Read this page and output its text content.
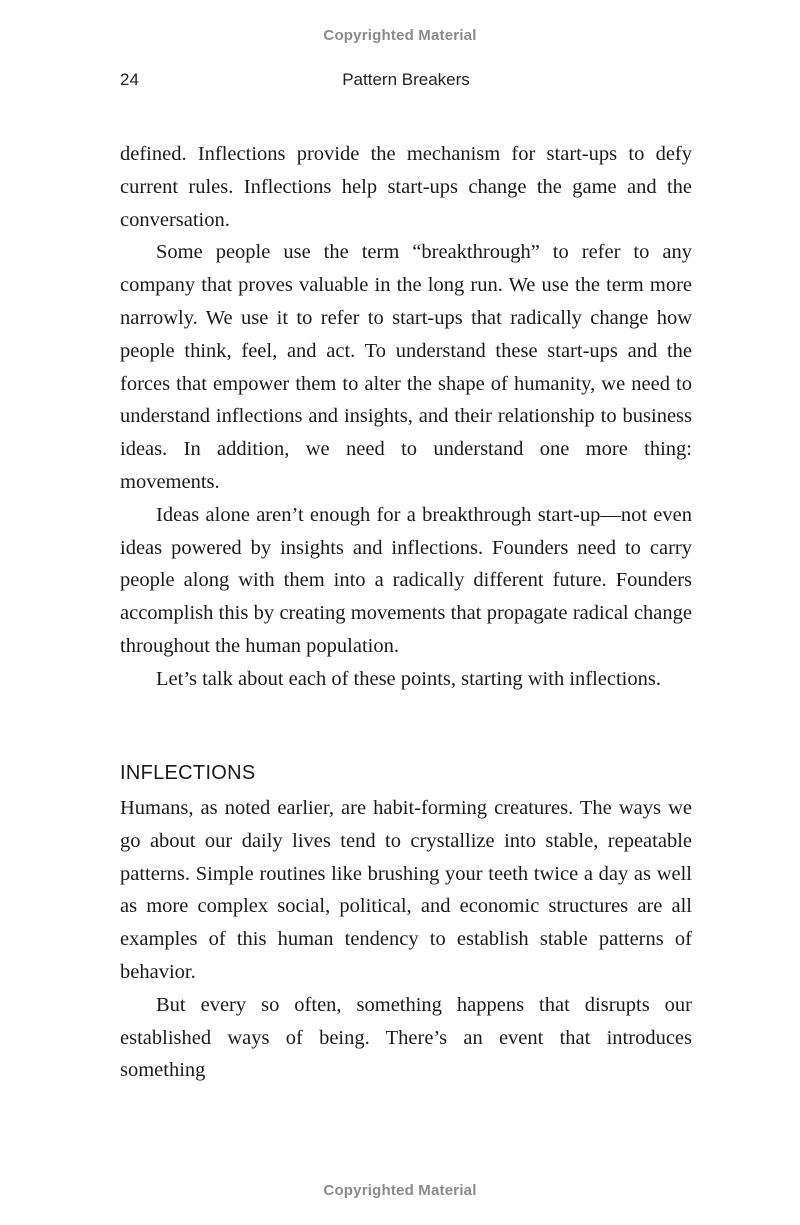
Copyrighted Material
24	Pattern Breakers

defined. Inflections provide the mechanism for start-ups to defy current rules. Inflections help start-ups change the game and the conversation.

Some people use the term “breakthrough” to refer to any company that proves valuable in the long run. We use the term more narrowly. We use it to refer to start-ups that radically change how people think, feel, and act. To understand these start-ups and the forces that empower them to alter the shape of humanity, we need to understand inflections and insights, and their relationship to business ideas. In addition, we need to understand one more thing: movements.

Ideas alone aren’t enough for a breakthrough start-up—not even ideas powered by insights and inflections. Founders need to carry people along with them into a radically different future. Founders accomplish this by creating movements that propagate radical change throughout the human population.

Let’s talk about each of these points, starting with inflections.

INFLECTIONS

Humans, as noted earlier, are habit-forming creatures. The ways we go about our daily lives tend to crystallize into stable, repeatable patterns. Simple routines like brushing your teeth twice a day as well as more complex social, political, and economic structures are all examples of this human tendency to establish stable patterns of behavior.

But every so often, something happens that disrupts our established ways of being. There’s an event that introduces something

Copyrighted Material
